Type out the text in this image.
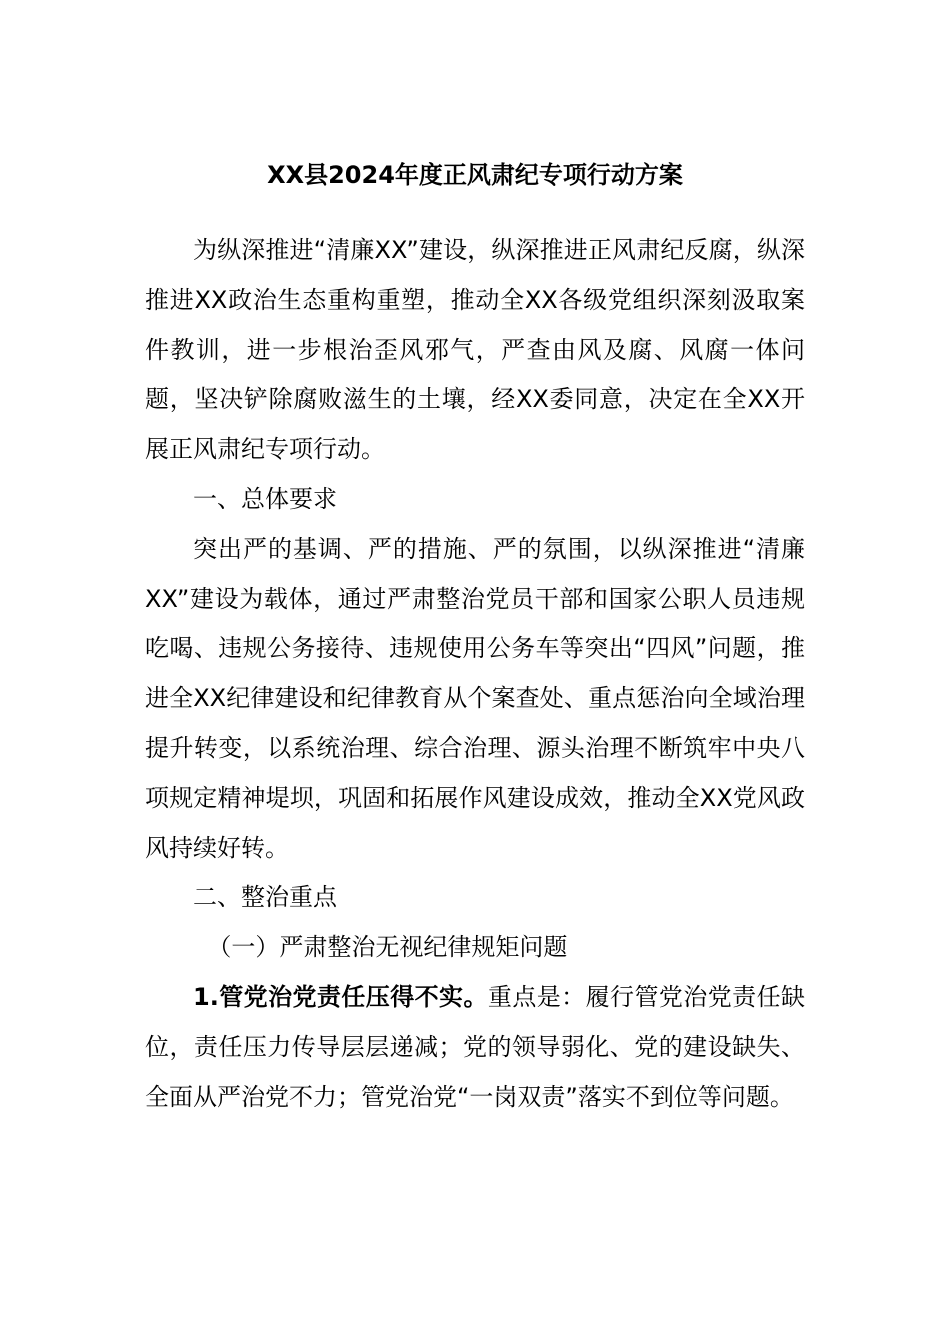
XX县2024年度正风肃纪专项行动方案

为纵深推进“清廉XX”建设，纵深推进正风肃纪反腐，纵深推进XX政治生态重构重塑，推动全XX各级党组织深刻汲取案件教训，进一步根治歪风邪气，严查由风及腐、风腐一体问题，坚决铲除腐败滋生的土壤，经XX委同意，决定在全XX开展正风肃纪专项行动。

一、总体要求

突出严的基调、严的措施、严的氛围，以纵深推进“清廉XX”建设为载体，通过严肃整治党员干部和国家公职人员违规吃喝、违规公务接待、违规使用公务车等突出“四风”问题，推进全XX纪律建设和纪律教育从个案查处、重点惩治向全域治理提升转变，以系统治理、综合治理、源头治理不断筑牢中央八项规定精神堤坝，巩固和拓展作风建设成效，推动全XX党风政风持续好转。

二、整治重点

（一）严肃整治无视纪律规矩问题

1.管党治党责任压得不实。重点是：履行管党治党责任缺位，责任压力传导层层递减；党的领导弱化、党的建设缺失、全面从严治党不力；管党治党“一岗双责”落实不到位等问题。
